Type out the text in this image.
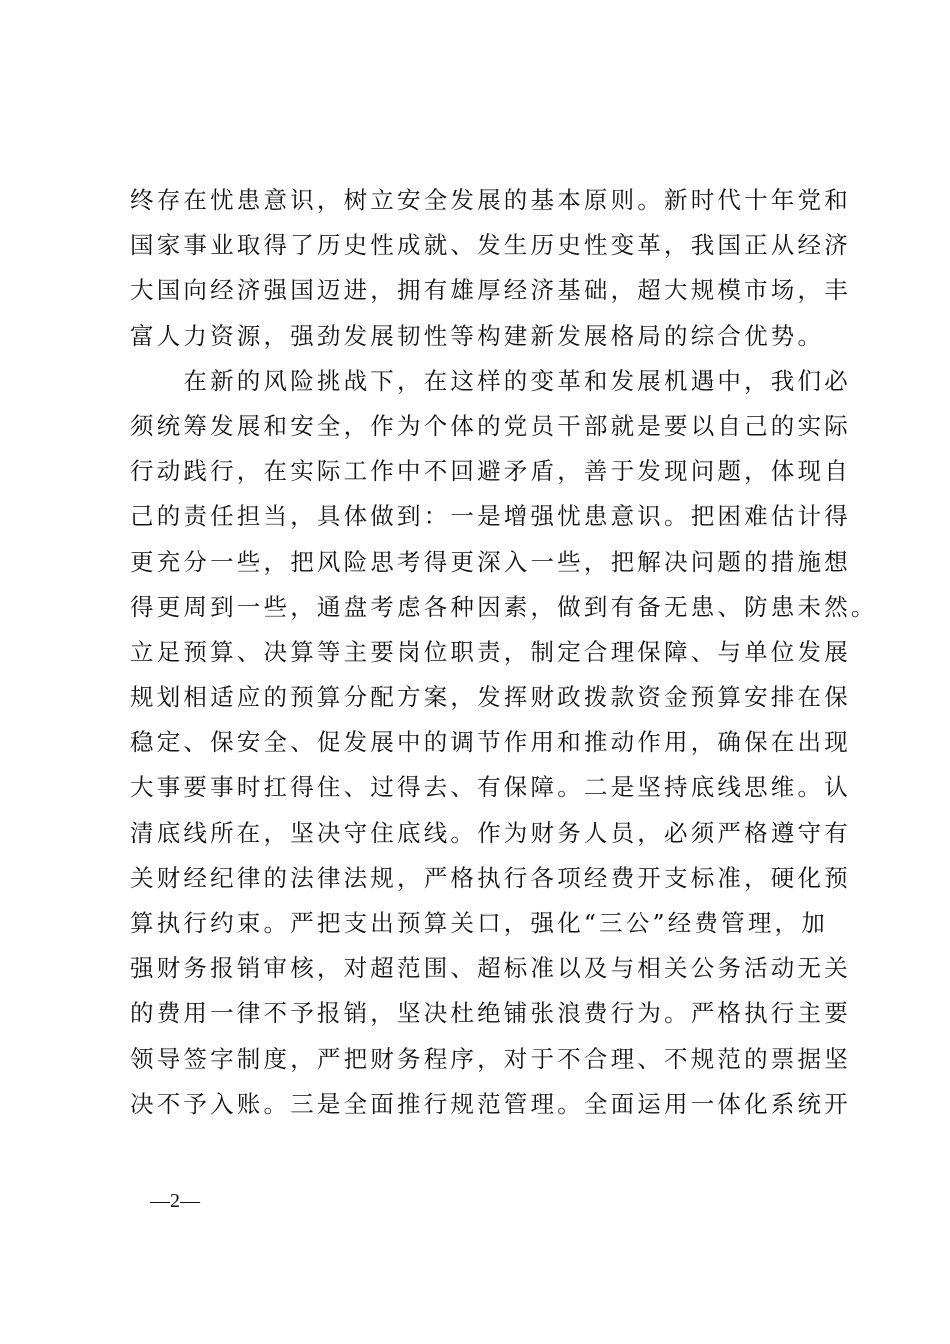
终存在忧患意识，树立安全发展的基本原则。新时代十年党和
国家事业取得了历史性成就、发生历史性变革，我国正从经济
大国向经济强国迈进，拥有雄厚经济基础，超大规模市场，丰
富人力资源，强劲发展韧性等构建新发展格局的综合优势。
　　在新的风险挑战下，在这样的变革和发展机遇中，我们必
须统筹发展和安全，作为个体的党员干部就是要以自己的实际
行动践行，在实际工作中不回避矛盾，善于发现问题，体现自
己的责任担当，具体做到：一是增强忧患意识。把困难估计得
更充分一些，把风险思考得更深入一些，把解决问题的措施想
得更周到一些，通盘考虑各种因素，做到有备无患、防患未然。
立足预算、决算等主要岗位职责，制定合理保障、与单位发展
规划相适应的预算分配方案，发挥财政拨款资金预算安排在保
稳定、保安全、促发展中的调节作用和推动作用，确保在出现
大事要事时扛得住、过得去、有保障。二是坚持底线思维。认
清底线所在，坚决守住底线。作为财务人员，必须严格遵守有
关财经纪律的法律法规，严格执行各项经费开支标准，硬化预
算执行约束。严把支出预算关口，强化“三公”经费管理，加
强财务报销审核，对超范围、超标准以及与相关公务活动无关
的费用一律不予报销，坚决杜绝铺张浪费行为。严格执行主要
领导签字制度，严把财务程序，对于不合理、不规范的票据坚
决不予入账。三是全面推行规范管理。全面运用一体化系统开
—2—
